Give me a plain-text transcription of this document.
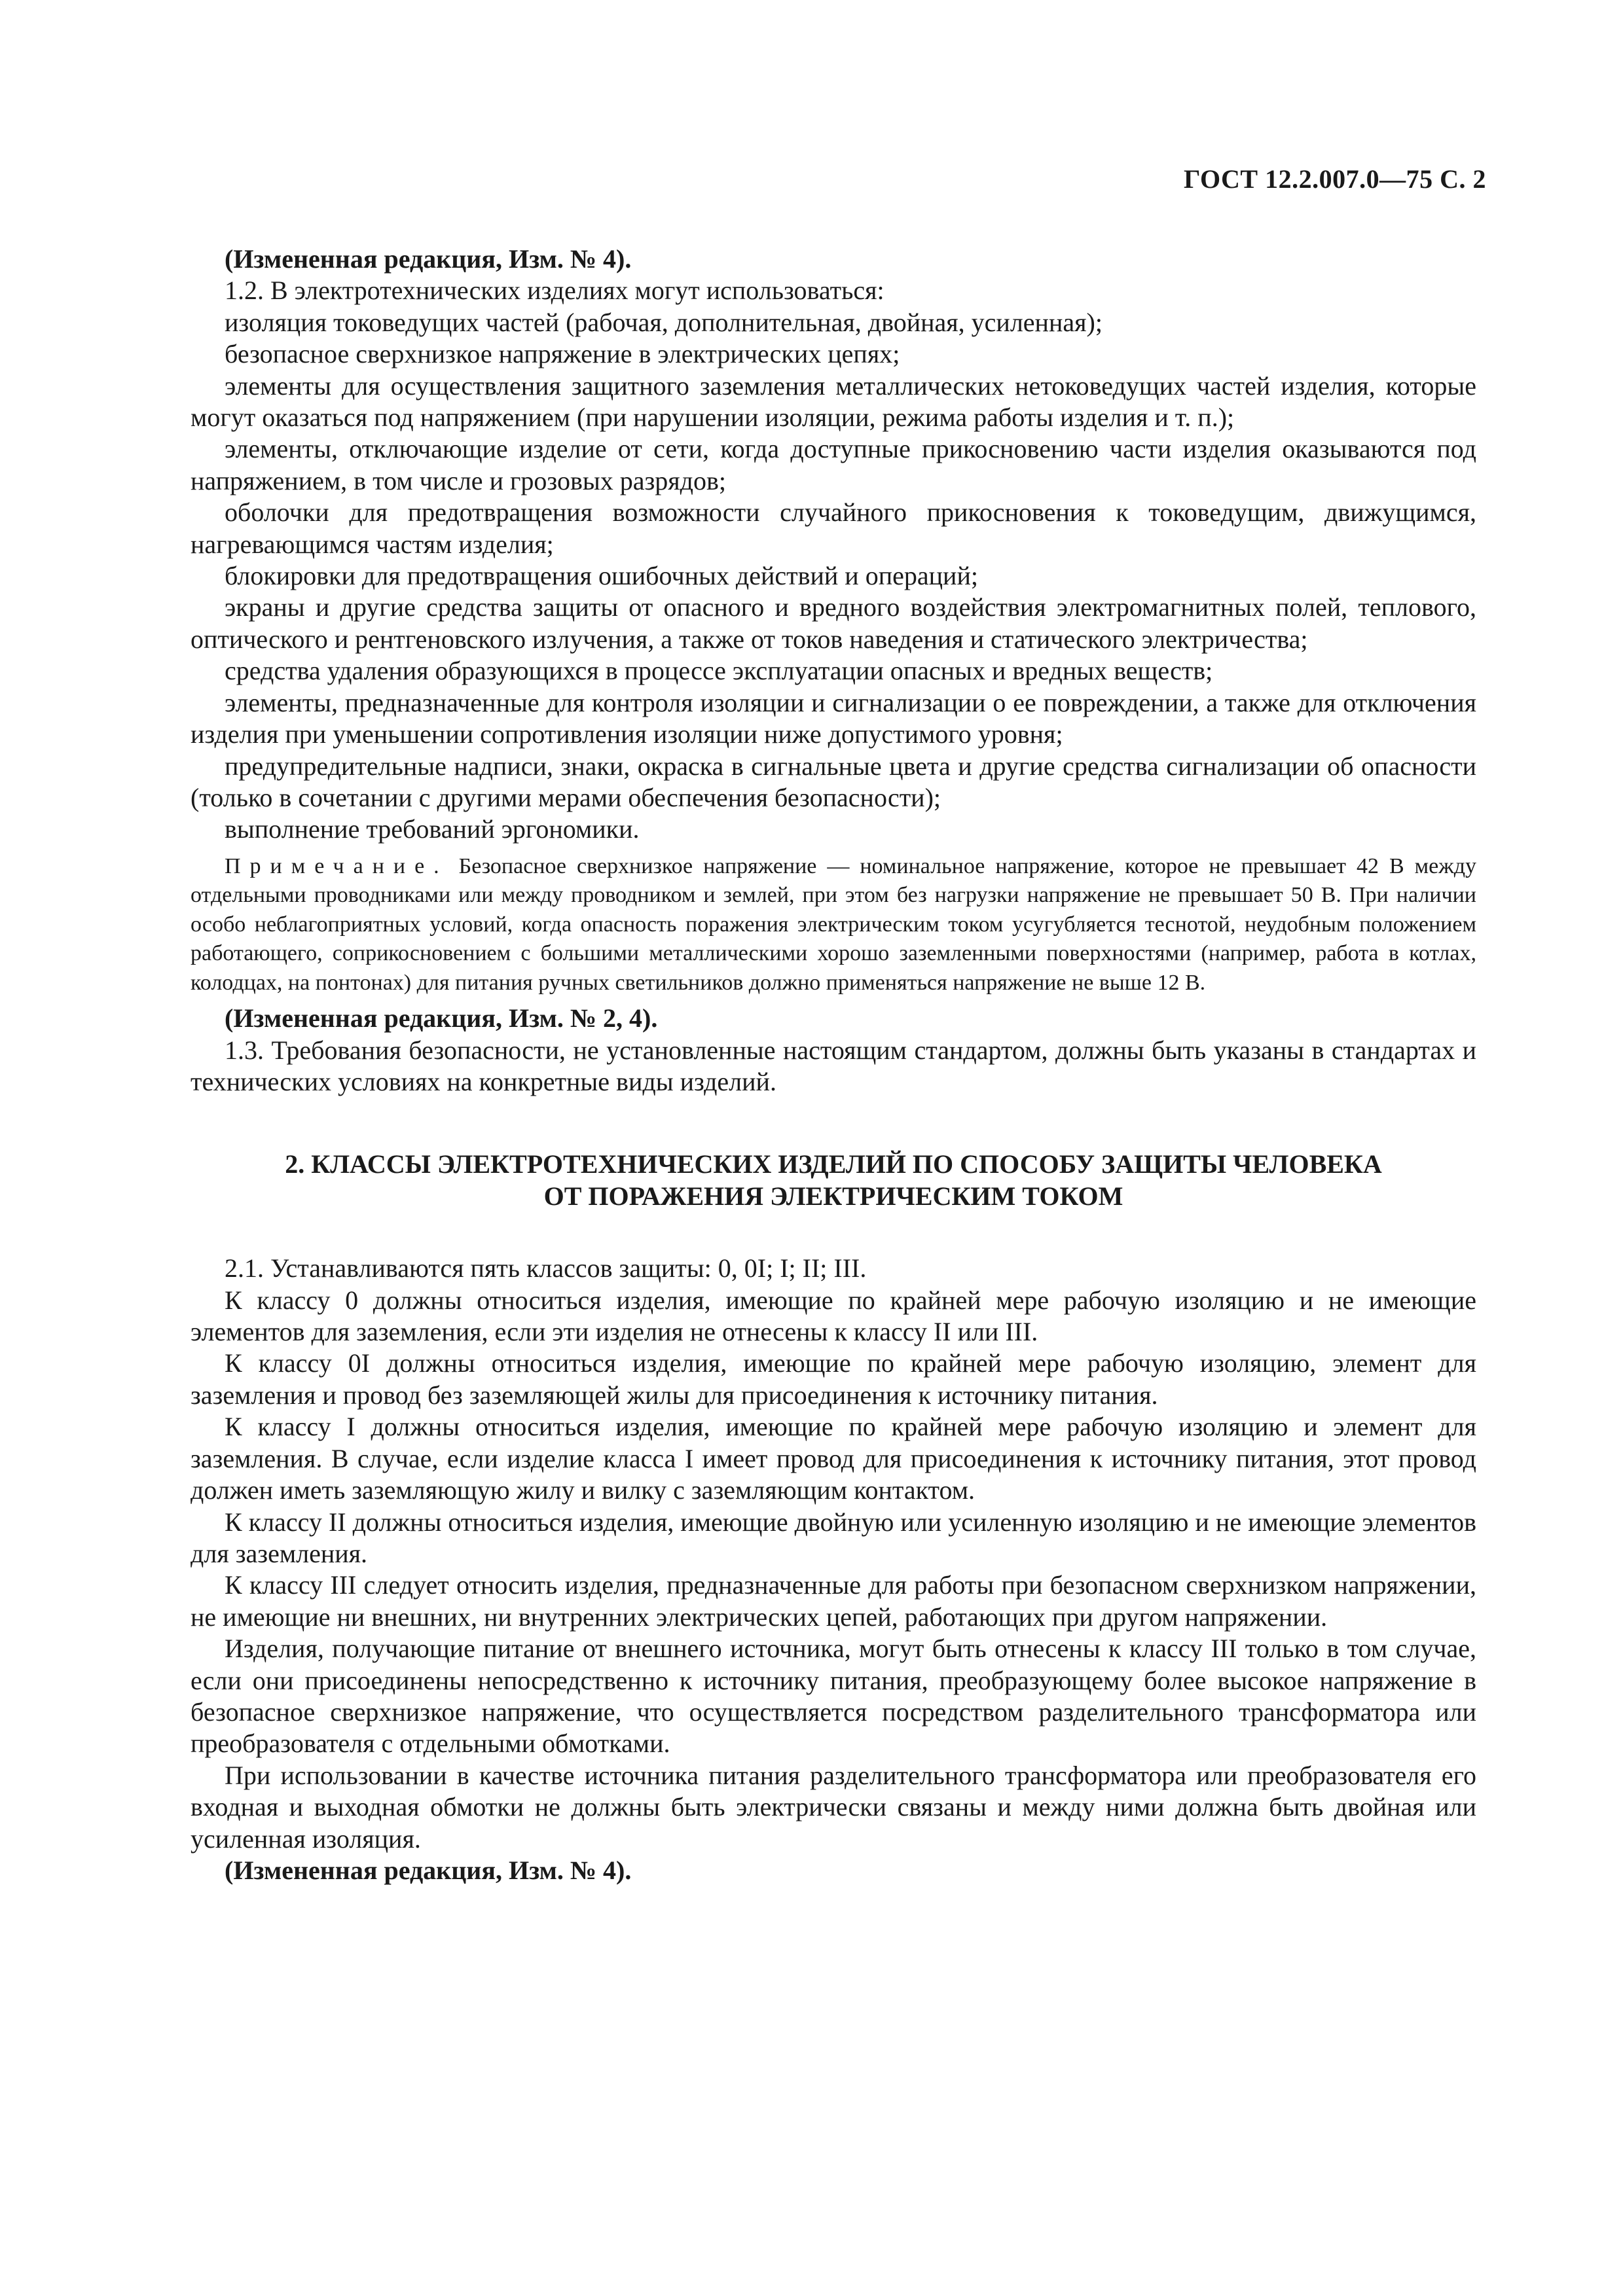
ГОСТ 12.2.007.0—75 С. 2

(Измененная редакция, Изм. № 4).

1.2. В электротехнических изделиях могут использоваться:

изоляция токоведущих частей (рабочая, дополнительная, двойная, усиленная);

безопасное сверхнизкое напряжение в электрических цепях;

элементы для осуществления защитного заземления металлических нетоковедущих частей изделия, которые могут оказаться под напряжением (при нарушении изоляции, режима работы изделия и т. п.);

элементы, отключающие изделие от сети, когда доступные прикосновению части изделия оказываются под напряжением, в том числе и грозовых разрядов;

оболочки для предотвращения возможности случайного прикосновения к токоведущим, движущимся, нагревающимся частям изделия;

блокировки для предотвращения ошибочных действий и операций;

экраны и другие средства защиты от опасного и вредного воздействия электромагнитных полей, теплового, оптического и рентгеновского излучения, а также от токов наведения и статического электричества;

средства удаления образующихся в процессе эксплуатации опасных и вредных веществ;

элементы, предназначенные для контроля изоляции и сигнализации о ее повреждении, а также для отключения изделия при уменьшении сопротивления изоляции ниже допустимого уровня;

предупредительные надписи, знаки, окраска в сигнальные цвета и другие средства сигнализации об опасности (только в сочетании с другими мерами обеспечения безопасности);

выполнение требований эргономики.

Примечание. Безопасное сверхнизкое напряжение — номинальное напряжение, которое не превышает 42 В между отдельными проводниками или между проводником и землей, при этом без нагрузки напряжение не превышает 50 В. При наличии особо неблагоприятных условий, когда опасность поражения электрическим током усугубляется теснотой, неудобным положением работающего, соприкосновением с большими металлическими хорошо заземленными поверхностями (например, работа в котлах, колодцах, на понтонах) для питания ручных светильников должно применяться напряжение не выше 12 В.

(Измененная редакция, Изм. № 2, 4).

1.3. Требования безопасности, не установленные настоящим стандартом, должны быть указаны в стандартах и технических условиях на конкретные виды изделий.

2. КЛАССЫ ЭЛЕКТРОТЕХНИЧЕСКИХ ИЗДЕЛИЙ ПО СПОСОБУ ЗАЩИТЫ ЧЕЛОВЕКА
ОТ ПОРАЖЕНИЯ ЭЛЕКТРИЧЕСКИМ ТОКОМ

2.1. Устанавливаются пять классов защиты: 0, 0I; I; II; III.

К классу 0 должны относиться изделия, имеющие по крайней мере рабочую изоляцию и не имеющие элементов для заземления, если эти изделия не отнесены к классу II или III.

К классу 0I должны относиться изделия, имеющие по крайней мере рабочую изоляцию, элемент для заземления и провод без заземляющей жилы для присоединения к источнику питания.

К классу I должны относиться изделия, имеющие по крайней мере рабочую изоляцию и элемент для заземления. В случае, если изделие класса I имеет провод для присоединения к источнику питания, этот провод должен иметь заземляющую жилу и вилку с заземляющим контактом.

К классу II должны относиться изделия, имеющие двойную или усиленную изоляцию и не имеющие элементов для заземления.

К классу III следует относить изделия, предназначенные для работы при безопасном сверхнизком напряжении, не имеющие ни внешних, ни внутренних электрических цепей, работающих при другом напряжении.

Изделия, получающие питание от внешнего источника, могут быть отнесены к классу III только в том случае, если они присоединены непосредственно к источнику питания, преобразующему более высокое напряжение в безопасное сверхнизкое напряжение, что осуществляется посредством разделительного трансформатора или преобразователя с отдельными обмотками.

При использовании в качестве источника питания разделительного трансформатора или преобразователя его входная и выходная обмотки не должны быть электрически связаны и между ними должна быть двойная или усиленная изоляция.

(Измененная редакция, Изм. № 4).
